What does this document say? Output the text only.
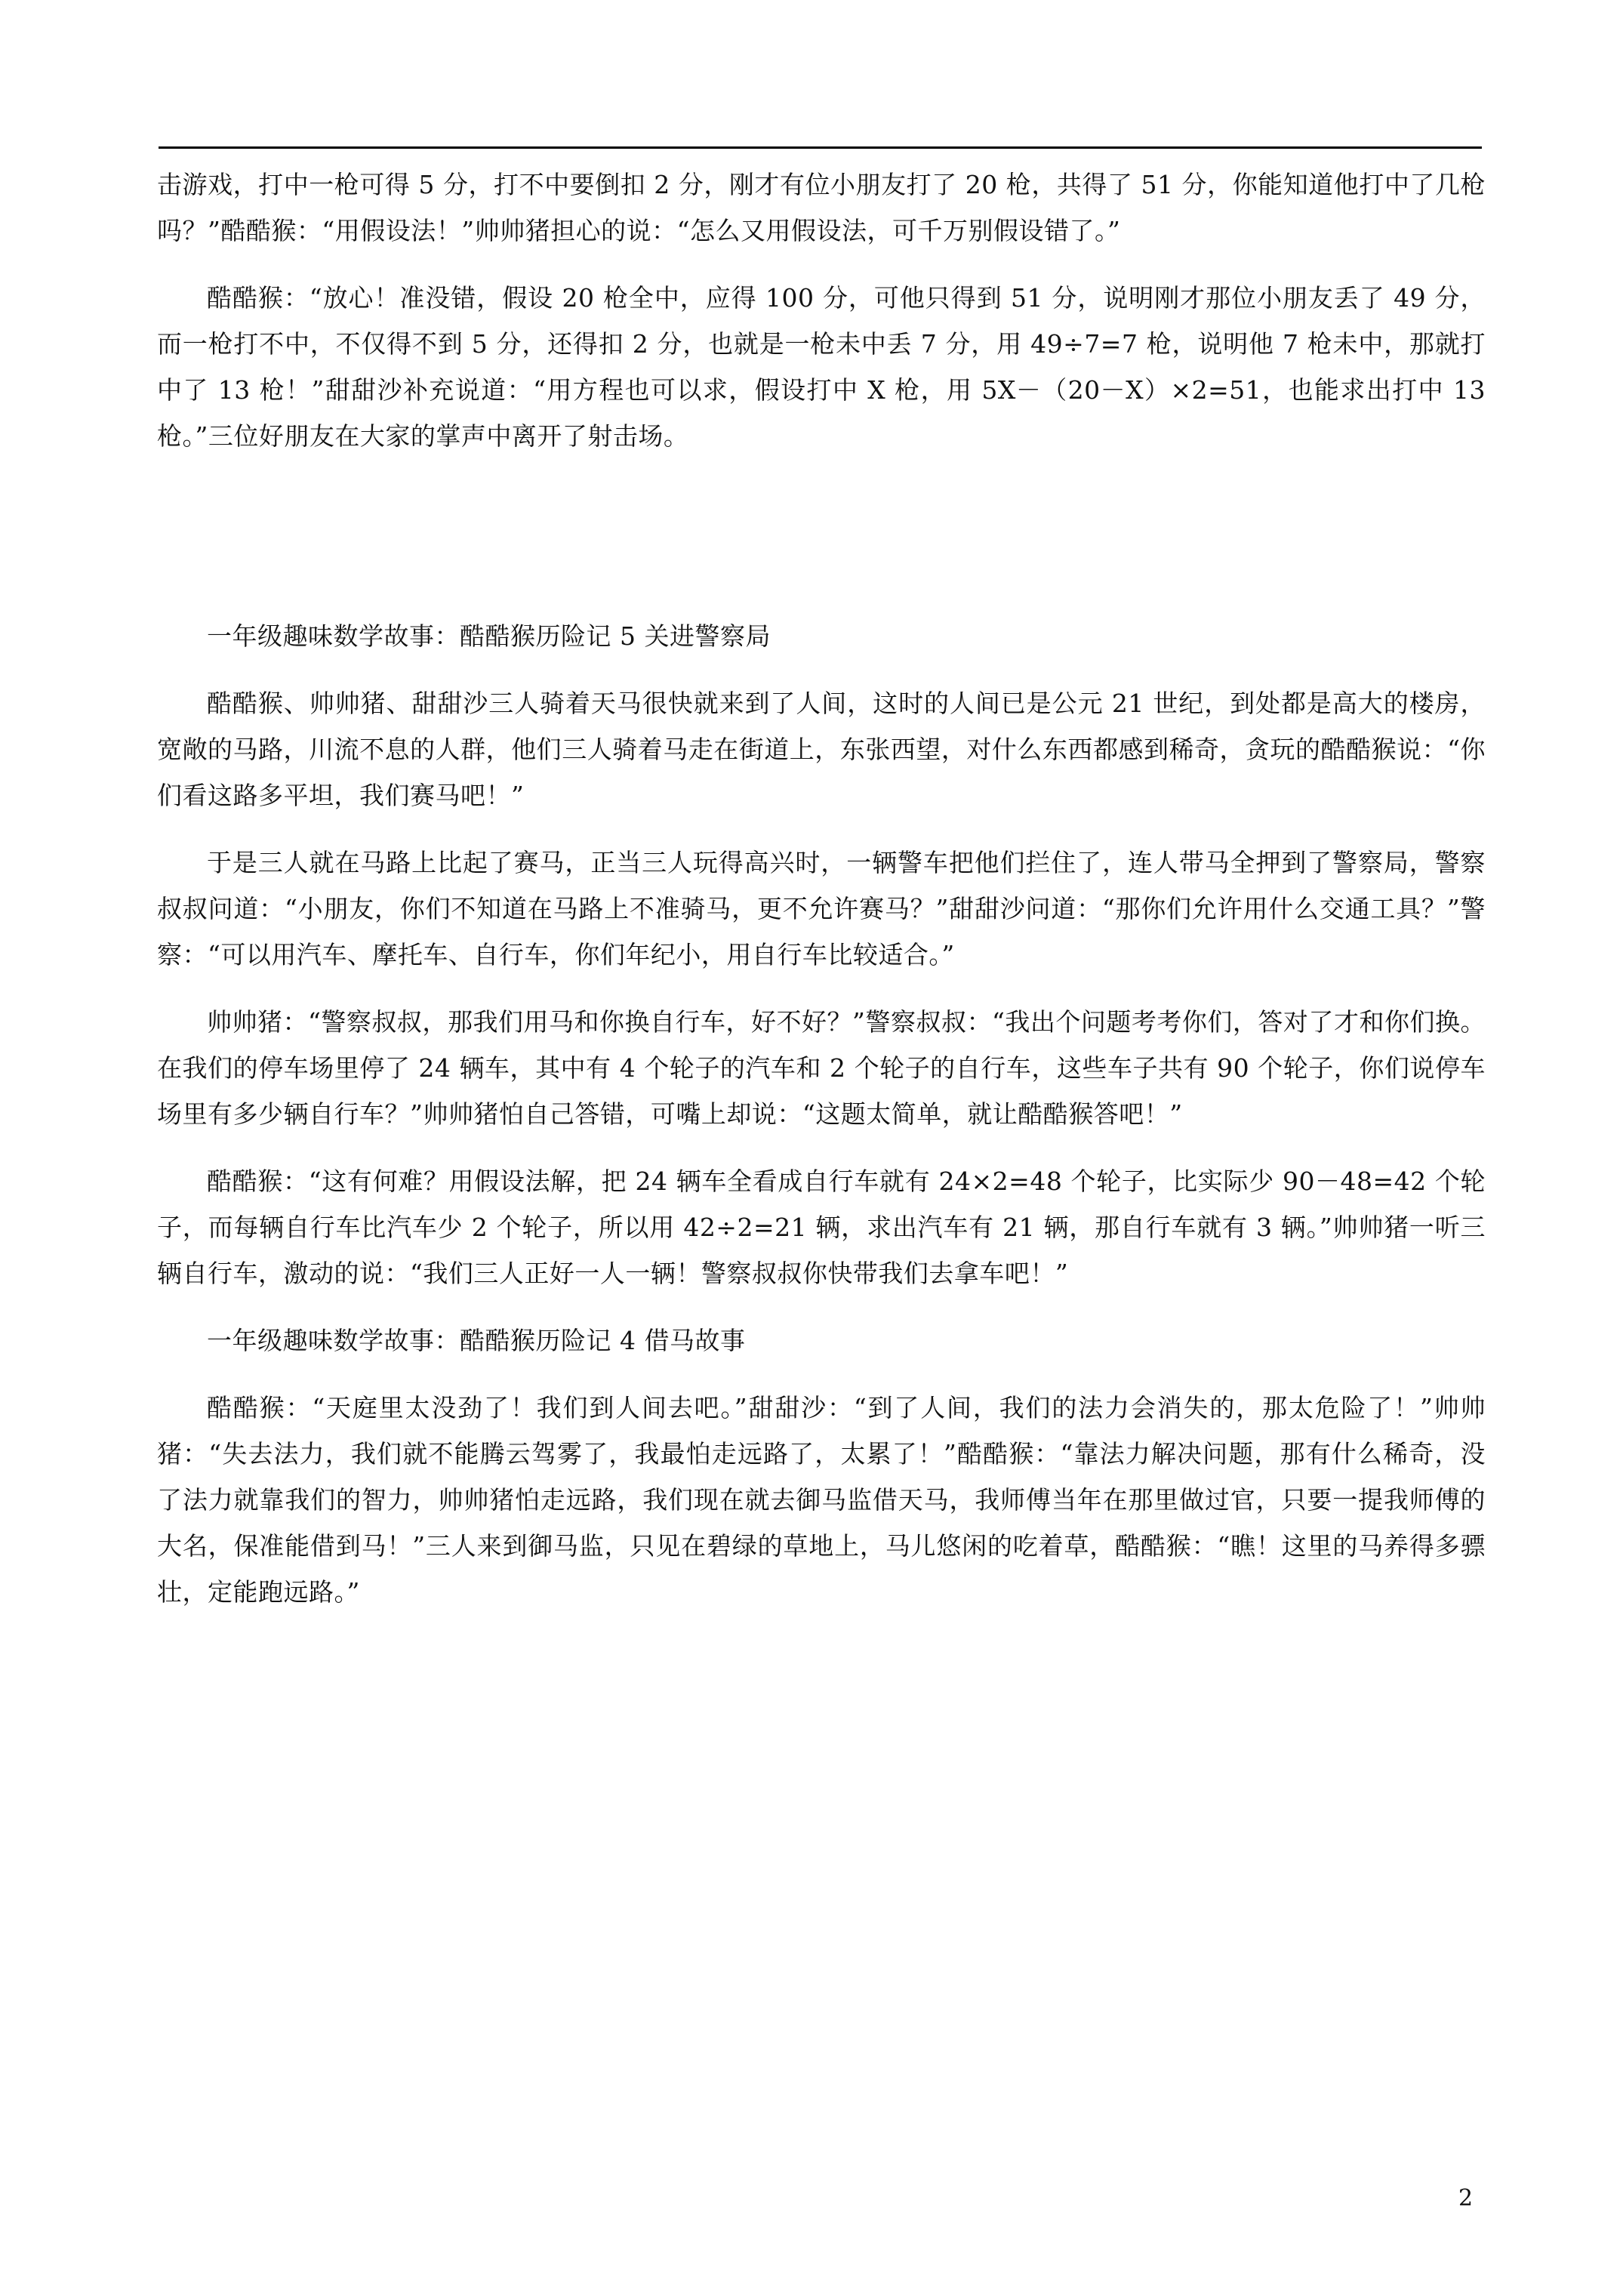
击游戏，打中一枪可得 5 分，打不中要倒扣 2 分，刚才有位小朋友打了 20 枪，共得了 51 分，你能知道他打中了几枪吗？”酷酷猴：“用假设法！”帅帅猪担心的说：“怎么又用假设法，可千万别假设错了。”

酷酷猴：“放心！准没错，假设 20 枪全中，应得 100 分，可他只得到 51 分，说明刚才那位小朋友丢了 49 分，而一枪打不中，不仅得不到 5 分，还得扣 2 分，也就是一枪未中丢 7 分，用 49÷7=7 枪，说明他 7 枪未中，那就打中了 13 枪！”甜甜沙补充说道：“用方程也可以求，假设打中 X 枪，用 5X－（20－X）×2=51，也能求出打中 13 枪。”三位好朋友在大家的掌声中离开了射击场。

一年级趣味数学故事：酷酷猴历险记 5 关进警察局

酷酷猴、帅帅猪、甜甜沙三人骑着天马很快就来到了人间，这时的人间已是公元 21 世纪，到处都是高大的楼房，宽敞的马路，川流不息的人群，他们三人骑着马走在街道上，东张西望，对什么东西都感到稀奇，贪玩的酷酷猴说：“你们看这路多平坦，我们赛马吧！”

于是三人就在马路上比起了赛马，正当三人玩得高兴时，一辆警车把他们拦住了，连人带马全押到了警察局，警察叔叔问道：“小朋友，你们不知道在马路上不准骑马，更不允许赛马？”甜甜沙问道：“那你们允许用什么交通工具？”警察：“可以用汽车、摩托车、自行车，你们年纪小，用自行车比较适合。”

帅帅猪：“警察叔叔，那我们用马和你换自行车，好不好？”警察叔叔：“我出个问题考考你们，答对了才和你们换。在我们的停车场里停了 24 辆车，其中有 4 个轮子的汽车和 2 个轮子的自行车，这些车子共有 90 个轮子，你们说停车场里有多少辆自行车？”帅帅猪怕自己答错，可嘴上却说：“这题太简单，就让酷酷猴答吧！”

酷酷猴：“这有何难？用假设法解，把 24 辆车全看成自行车就有 24×2=48 个轮子，比实际少 90－48=42 个轮子，而每辆自行车比汽车少 2 个轮子，所以用 42÷2=21 辆，求出汽车有 21 辆，那自行车就有 3 辆。”帅帅猪一听三辆自行车，激动的说：“我们三人正好一人一辆！警察叔叔你快带我们去拿车吧！”

一年级趣味数学故事：酷酷猴历险记 4 借马故事

酷酷猴：“天庭里太没劲了！我们到人间去吧。”甜甜沙：“到了人间，我们的法力会消失的，那太危险了！”帅帅猪：“失去法力，我们就不能腾云驾雾了，我最怕走远路了，太累了！”酷酷猴：“靠法力解决问题，那有什么稀奇，没了法力就靠我们的智力，帅帅猪怕走远路，我们现在就去御马监借天马，我师傅当年在那里做过官，只要一提我师傅的大名，保准能借到马！”三人来到御马监，只见在碧绿的草地上，马儿悠闲的吃着草，酷酷猴：“瞧！这里的马养得多骠壮，定能跑远路。”

2
